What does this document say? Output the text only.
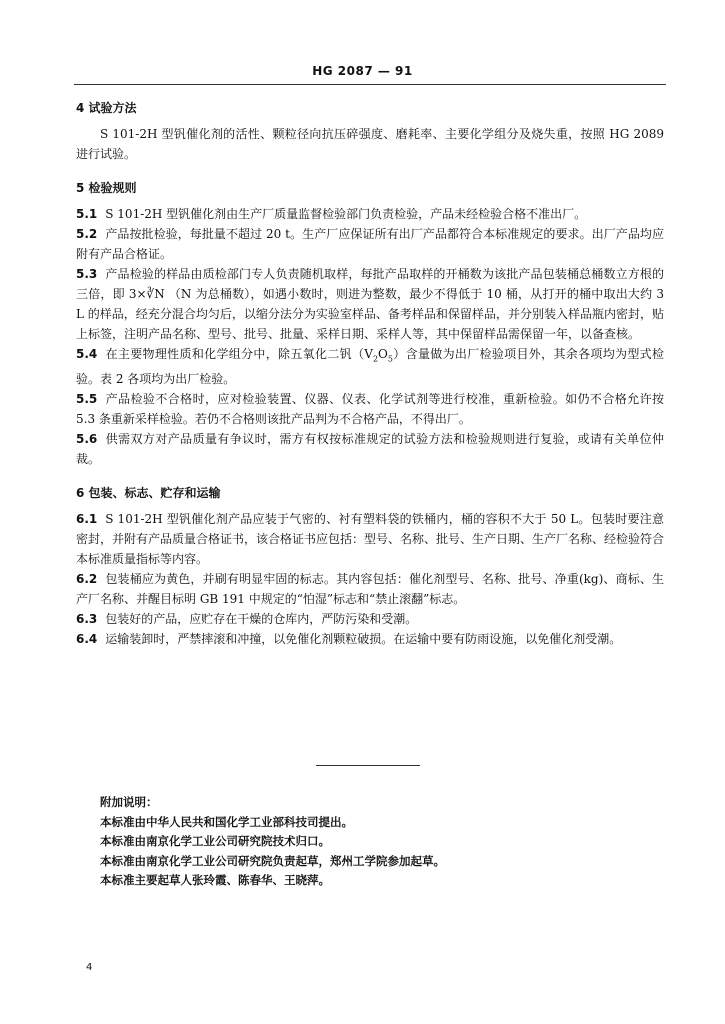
HG 2087 — 91
4 试验方法

S 101-2H 型钒催化剂的活性、颗粒径向抗压碎强度、磨耗率、主要化学组分及烧失重，按照 HG 2089 进行试验。

5 检验规则

5.1 S 101-2H 型钒催化剂由生产厂质量监督检验部门负责检验，产品未经检验合格不准出厂。

5.2 产品按批检验，每批量不超过 20 t。生产厂应保证所有出厂产品都符合本标准规定的要求。出厂产品均应附有产品合格证。

5.3 产品检验的样品由质检部门专人负责随机取样，每批产品取样的开桶数为该批产品包装桶总桶数立方根的三倍，即 3×∛N （N 为总桶数），如遇小数时，则进为整数，最少不得低于 10 桶，从打开的桶中取出大约 3 L 的样品，经充分混合均匀后，以缩分法分为实验室样品、备考样品和保留样品，并分别装入样品瓶内密封，贴上标签，注明产品名称、型号、批号、批量、采样日期、采样人等，其中保留样品需保留一年，以备查核。

5.4 在主要物理性质和化学组分中，除五氧化二钒$(V_2O_5)$含量做为出厂检验项目外，其余各项均为型式检验。表 2 各项均为出厂检验。

5.5 产品检验不合格时，应对检验装置、仪器、仪表、化学试剂等进行校准，重新检验。如仍不合格允许按 5.3 条重新采样检验。若仍不合格则该批产品判为不合格产品，不得出厂。

5.6 供需双方对产品质量有争议时，需方有权按标准规定的试验方法和检验规则进行复验，或请有关单位仲裁。

6 包装、标志、贮存和运输

6.1 S 101-2H 型钒催化剂产品应装于气密的、衬有塑料袋的铁桶内，桶的容积不大于 50 L。包装时要注意密封，并附有产品质量合格证书，该合格证书应包括：型号、名称、批号、生产日期、生产厂名称、经检验符合本标准质量指标等内容。

6.2 包装桶应为黄色，并刷有明显牢固的标志。其内容包括：催化剂型号、名称、批号、净重(kg)、商标、生产厂名称、并醒目标明 GB 191 中规定的“怕湿”标志和“禁止滚翻”标志。

6.3 包装好的产品，应贮存在干燥的仓库内，严防污染和受潮。

6.4 运输装卸时，严禁摔滚和冲撞，以免催化剂颗粒破损。在运输中要有防雨设施，以免催化剂受潮。

附加说明：

本标准由中华人民共和国化学工业部科技司提出。

本标准由南京化学工业公司研究院技术归口。

本标准由南京化学工业公司研究院负责起草，郑州工学院参加起草。

本标准主要起草人张玲霞、陈春华、王晓萍。

4
